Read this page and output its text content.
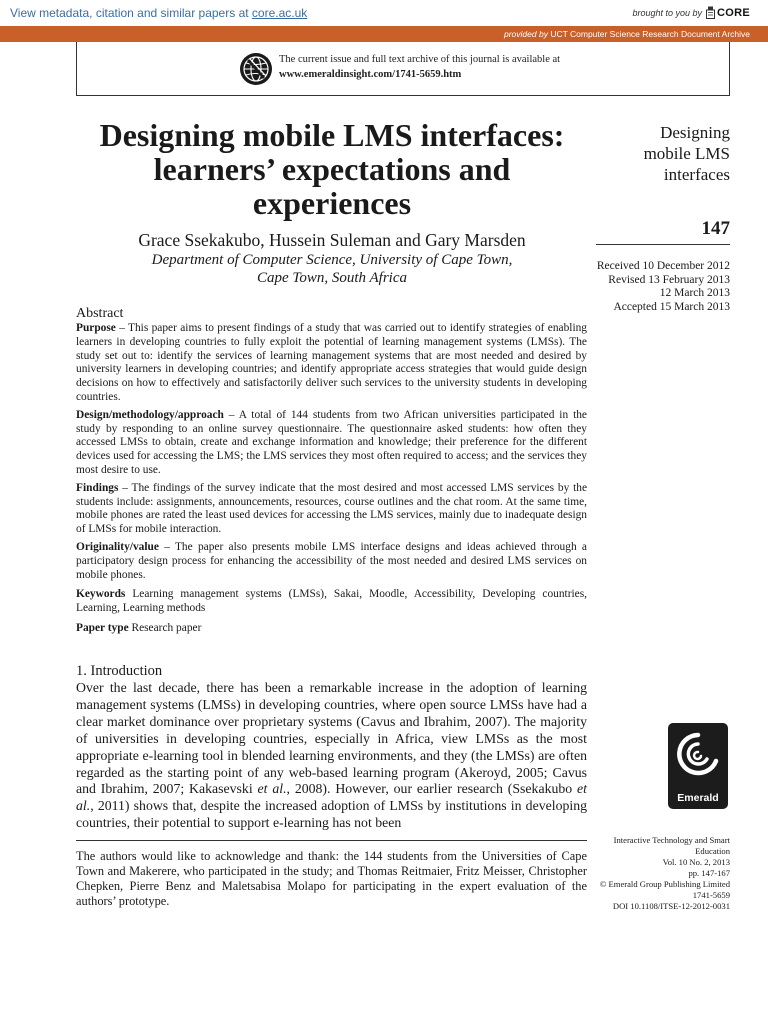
View metadata, citation and similar papers at core.ac.uk	brought to you by CORE
provided by UCT Computer Science Research Document Archive
The current issue and full text archive of this journal is available at
www.emeraldinsight.com/1741-5659.htm
Designing mobile LMS interfaces:
learners’ expectations and
experiences
Grace Ssekakubo, Hussein Suleman and Gary Marsden
Department of Computer Science, University of Cape Town,
Cape Town, South Africa
Designing
mobile LMS
interfaces
147
Received 10 December 2012
Revised 13 February 2013
12 March 2013
Accepted 15 March 2013
Abstract

Purpose – This paper aims to present findings of a study that was carried out to identify strategies of enabling learners in developing countries to fully exploit the potential of learning management systems (LMSs). The study set out to: identify the services of learning management systems that are most needed and desired by university learners in developing countries; and identify appropriate access strategies that would guide design decisions on how to effectively and satisfactorily deliver such services to the university students in developing countries.

Design/methodology/approach – A total of 144 students from two African universities participated in the study by responding to an online survey questionnaire. The questionnaire asked students: how often they accessed LMSs to obtain, create and exchange information and knowledge; their preference for the different devices used for accessing the LMS; the LMS services they most often required to access; and the services they most desire to use.

Findings – The findings of the survey indicate that the most desired and most accessed LMS services by the students include: assignments, announcements, resources, course outlines and the chat room. At the same time, mobile phones are rated the least used devices for accessing the LMS services, mainly due to inadequate design of LMSs for mobile interaction.

Originality/value – The paper also presents mobile LMS interface designs and ideas achieved through a participatory design process for enhancing the accessibility of the most needed and desired LMS services on mobile phones.

Keywords Learning management systems (LMSs), Sakai, Moodle, Accessibility, Developing countries, Learning, Learning methods

Paper type Research paper

1. Introduction
Over the last decade, there has been a remarkable increase in the adoption of learning management systems (LMSs) in developing countries, where open source LMSs have had a clear market dominance over proprietary systems (Cavus and Ibrahim, 2007). The majority of universities in developing countries, especially in Africa, view LMSs as the most appropriate e-learning tool in blended learning environments, and they (the LMSs) are often regarded as the starting point of any web-based learning program (Akeroyd, 2005; Cavus and Ibrahim, 2007; Kakasevski et al., 2008). However, our earlier research (Ssekakubo et al., 2011) shows that, despite the increased adoption of LMSs by institutions in developing countries, their potential to support e-learning has not been
The authors would like to acknowledge and thank: the 144 students from the Universities of Cape Town and Makerere, who participated in the study; and Thomas Reitmaier, Fritz Meisser, Christopher Chepken, Pierre Benz and Maletsabisa Molapo for participating in the expert evaluation of the authors’ prototype.
Emerald
Interactive Technology and Smart
Education
Vol. 10 No. 2, 2013
pp. 147-167
© Emerald Group Publishing Limited
1741-5659
DOI 10.1108/ITSE-12-2012-0031
